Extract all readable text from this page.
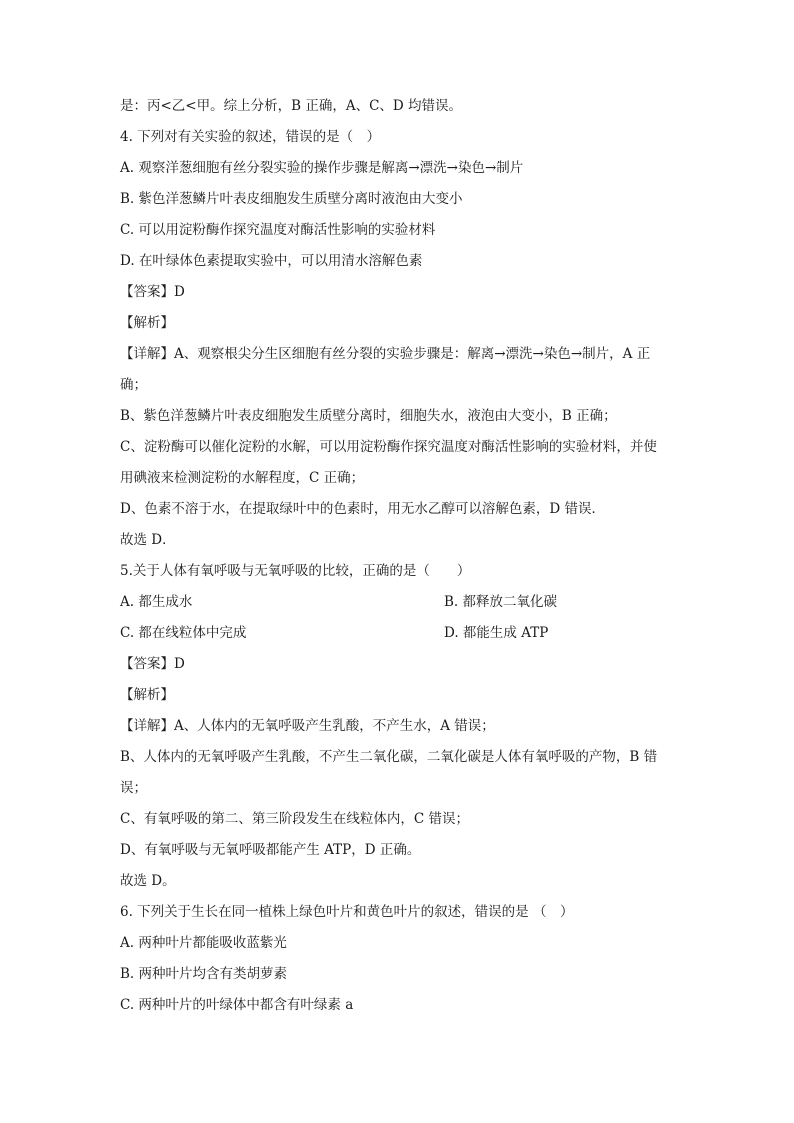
是：丙<乙<甲。综上分析，B 正确，A、C、D 均错误。
4. 下列对有关实验的叙述，错误的是（　）
A. 观察洋葱细胞有丝分裂实验的操作步骤是解离→漂洗→染色→制片
B. 紫色洋葱鳞片叶表皮细胞发生质壁分离时液泡由大变小
C. 可以用淀粉酶作探究温度对酶活性影响的实验材料
D. 在叶绿体色素提取实验中，可以用清水溶解色素
【答案】D
【解析】
【详解】A、观察根尖分生区细胞有丝分裂的实验步骤是：解离→漂洗→染色→制片，A 正
确；
B、紫色洋葱鳞片叶表皮细胞发生质壁分离时，细胞失水，液泡由大变小，B 正确；
C、淀粉酶可以催化淀粉的水解，可以用淀粉酶作探究温度对酶活性影响的实验材料，并使
用碘液来检测淀粉的水解程度，C 正确；
D、色素不溶于水，在提取绿叶中的色素时，用无水乙醇可以溶解色素，D 错误．
故选 D．
5.关于人体有氧呼吸与无氧呼吸的比较，正确的是（　　）
A. 都生成水	B. 都释放二氧化碳
C. 都在线粒体中完成	D. 都能生成 ATP
【答案】D
【解析】
【详解】A、人体内的无氧呼吸产生乳酸，不产生水，A 错误；
B、人体内的无氧呼吸产生乳酸，不产生二氧化碳，二氧化碳是人体有氧呼吸的产物，B 错
误；
C、有氧呼吸的第二、第三阶段发生在线粒体内，C 错误；
D、有氧呼吸与无氧呼吸都能产生 ATP，D 正确。
故选 D。
6. 下列关于生长在同一植株上绿色叶片和黄色叶片的叙述，错误的是 （　）
A. 两种叶片都能吸收蓝紫光
B. 两种叶片均含有类胡萝素
C. 两种叶片的叶绿体中都含有叶绿素 a
